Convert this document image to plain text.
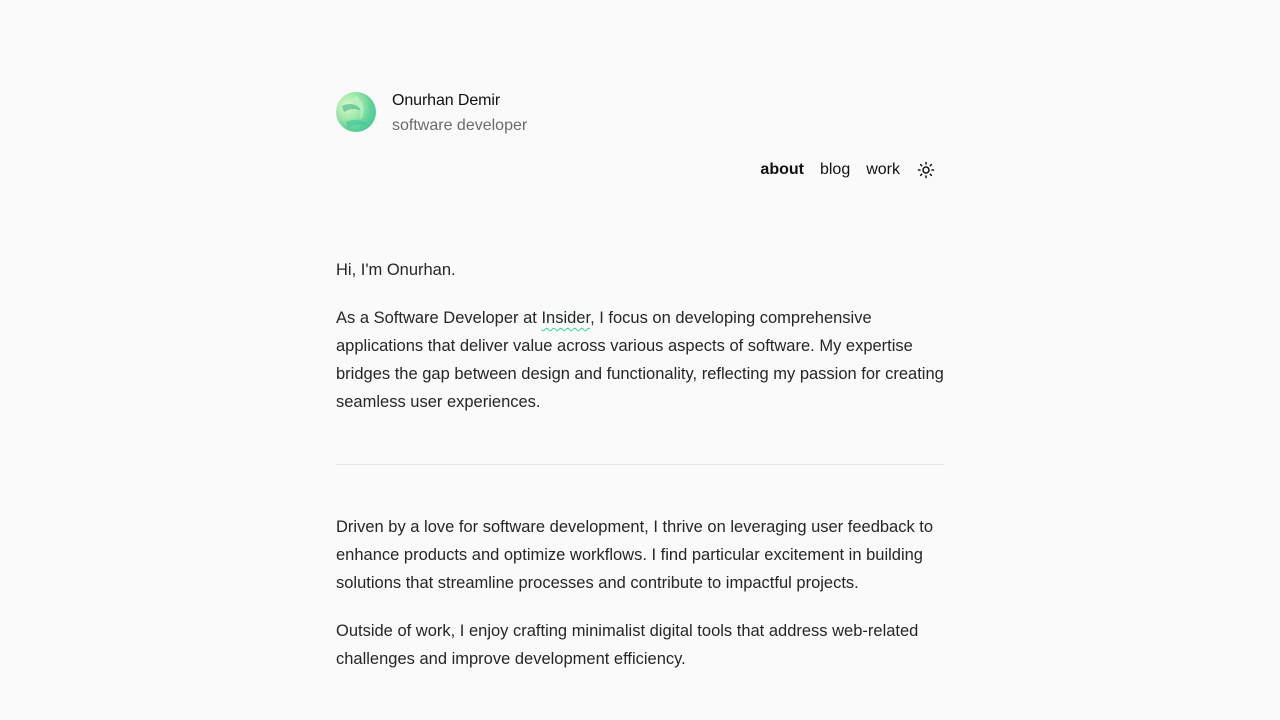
Onurhan Demir
software developer
about blog work

Hi, I'm Onurhan.

As a Software Developer at Insider, I focus on developing comprehensive applications that deliver value across various aspects of software. My expertise bridges the gap between design and functionality, reflecting my passion for creating seamless user experiences.

Driven by a love for software development, I thrive on leveraging user feedback to enhance products and optimize workflows. I find particular excitement in building solutions that streamline processes and contribute to impactful projects.

Outside of work, I enjoy crafting minimalist digital tools that address web-related challenges and improve development efficiency.
